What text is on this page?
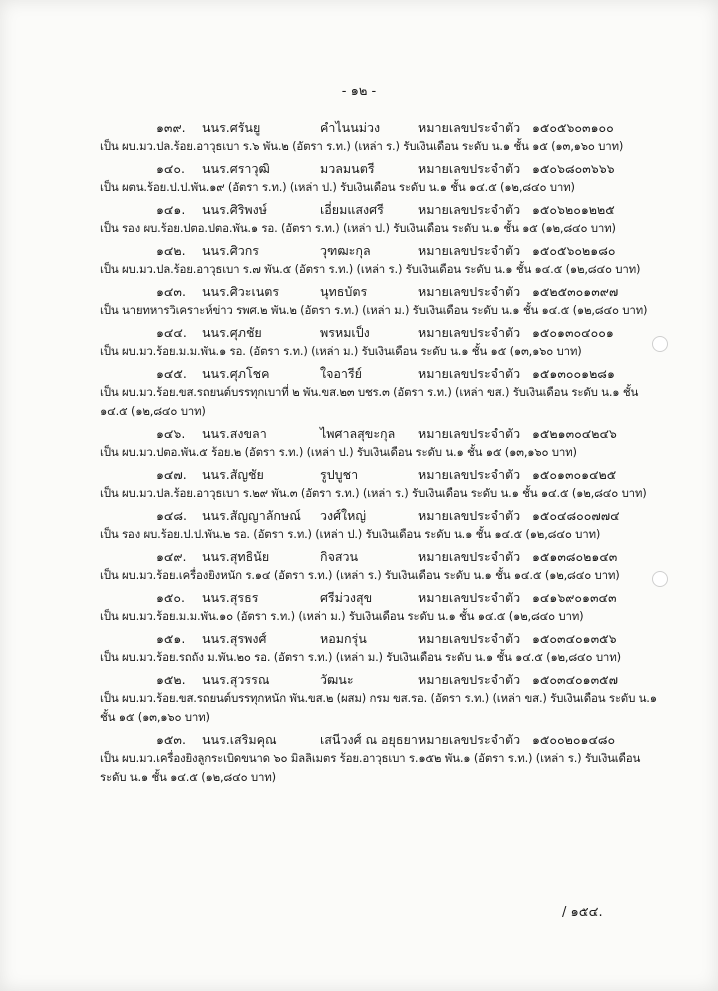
- ๑๒ -
๑๓๙. นนร.ศรันยู	คำไนนม่วง	หมายเลขประจำตัว ๑๕๐๕๖๐๓๑๐๐
เป็น ผบ.มว.ปล.ร้อย.อาวุธเบา ร.๖ พัน.๒ (อัตรา ร.ท.) (เหล่า ร.) รับเงินเดือน ระดับ น.๑ ชั้น ๑๕ (๑๓,๑๖๐ บาท)
๑๔๐. นนร.ศราวุฒิ	มวลมนตรี	หมายเลขประจำตัว ๑๕๐๖๘๐๓๖๖๖
เป็น ผตน.ร้อย.ป.ป.พัน.๑๙ (อัตรา ร.ท.) (เหล่า ป.) รับเงินเดือน ระดับ น.๑ ชั้น ๑๔.๕ (๑๒,๘๔๐ บาท)
๑๔๑. นนร.ศิริพงษ์	เอี่ยมแสงศรี	หมายเลขประจำตัว ๑๕๐๖๒๐๑๒๒๕
เป็น รอง ผบ.ร้อย.ปตอ.ปตอ.พัน.๑ รอ. (อัตรา ร.ท.) (เหล่า ป.) รับเงินเดือน ระดับ น.๑ ชั้น ๑๕ (๑๒,๘๔๐ บาท)
๑๔๒. นนร.ศิวกร	วุฑฒะกุล	หมายเลขประจำตัว ๑๕๐๕๖๐๒๑๘๐
เป็น ผบ.มว.ปล.ร้อย.อาวุธเบา ร.๗ พัน.๕ (อัตรา ร.ท.) (เหล่า ร.) รับเงินเดือน ระดับ น.๑ ชั้น ๑๔.๕ (๑๒,๘๔๐ บาท)
๑๔๓. นนร.ศิวะเนตร	นุทธบัตร	หมายเลขประจำตัว ๑๕๒๕๓๐๑๓๙๗
เป็น นายทหารวิเคราะห์ข่าว รพศ.๒ พัน.๒ (อัตรา ร.ท.) (เหล่า ม.) รับเงินเดือน ระดับ น.๑ ชั้น ๑๔.๕ (๑๒,๘๔๐ บาท)
๑๔๔. นนร.ศุภชัย	พรหมเป็ง	หมายเลขประจำตัว ๑๕๐๑๓๐๔๐๐๑
เป็น ผบ.มว.ร้อย.ม.ม.พัน.๑ รอ. (อัตรา ร.ท.) (เหล่า ม.) รับเงินเดือน ระดับ น.๑ ชั้น ๑๕ (๑๓,๑๖๐ บาท)
๑๔๕. นนร.ศุภโชค	ใจอารีย์	หมายเลขประจำตัว ๑๕๑๓๐๐๑๒๘๑
เป็น ผบ.มว.ร้อย.ขส.รถยนต์บรรทุกเบาที่ ๒ พัน.ขส.๒๓ บชร.๓ (อัตรา ร.ท.) (เหล่า ขส.) รับเงินเดือน ระดับ น.๑ ชั้น ๑๔.๕ (๑๒,๘๔๐ บาท)
๑๔๖. นนร.สงขลา	ไพศาลสุขะกุล หมายเลขประจำตัว ๑๕๒๑๓๐๔๒๔๖
เป็น ผบ.มว.ปตอ.พัน.๕ ร้อย.๒ (อัตรา ร.ท.) (เหล่า ป.) รับเงินเดือน ระดับ น.๑ ชั้น ๑๕ (๑๓,๑๖๐ บาท)
๑๔๗. นนร.สัญชัย	รูปบูชา	หมายเลขประจำตัว ๑๕๐๑๓๐๑๔๒๕
เป็น ผบ.มว.ปล.ร้อย.อาวุธเบา ร.๒๙ พัน.๓ (อัตรา ร.ท.) (เหล่า ร.) รับเงินเดือน ระดับ น.๑ ชั้น ๑๔.๕ (๑๒,๘๔๐ บาท)
๑๔๘. นนร.สัญญาลักษณ์ วงศ์ใหญ่	หมายเลขประจำตัว ๑๕๐๔๘๐๐๗๗๔
เป็น รอง ผบ.ร้อย.ป.ป.พัน.๒ รอ. (อัตรา ร.ท.) (เหล่า ป.) รับเงินเดือน ระดับ น.๑ ชั้น ๑๔.๕ (๑๒,๘๔๐ บาท)
๑๔๙. นนร.สุทธินัย	กิจสวน	หมายเลขประจำตัว ๑๕๑๓๘๐๒๑๔๓
เป็น ผบ.มว.ร้อย.เครื่องยิงหนัก ร.๑๔ (อัตรา ร.ท.) (เหล่า ร.) รับเงินเดือน ระดับ น.๑ ชั้น ๑๔.๕ (๑๒,๘๔๐ บาท)
๑๕๐. นนร.สุรธร	ศรีม่วงสุข	หมายเลขประจำตัว ๑๔๑๖๙๐๑๓๔๓
เป็น ผบ.มว.ร้อย.ม.ม.พัน.๑๐ (อัตรา ร.ท.) (เหล่า ม.) รับเงินเดือน ระดับ น.๑ ชั้น ๑๔.๕ (๑๒,๘๔๐ บาท)
๑๕๑. นนร.สุรพงศ์	หอมกรุ่น	หมายเลขประจำตัว ๑๕๐๓๔๐๑๓๕๖
เป็น ผบ.มว.ร้อย.รถถัง ม.พัน.๒๐ รอ. (อัตรา ร.ท.) (เหล่า ม.) รับเงินเดือน ระดับ น.๑ ชั้น ๑๔.๕ (๑๒,๘๔๐ บาท)
๑๕๒. นนร.สุวรรณ	วัฒนะ	หมายเลขประจำตัว ๑๕๐๓๔๐๑๓๕๗
เป็น ผบ.มว.ร้อย.ขส.รถยนต์บรรทุกหนัก พัน.ขส.๒ (ผสม) กรม ขส.รอ. (อัตรา ร.ท.) (เหล่า ขส.) รับเงินเดือน ระดับ น.๑ ชั้น ๑๕ (๑๓,๑๖๐ บาท)
๑๕๓. นนร.เสริมคุณ	เสนีวงศ์ ณ อยุธยา หมายเลขประจำตัว ๑๕๐๐๒๐๑๔๘๐
เป็น ผบ.มว.เครื่องยิงลูกระเบิดขนาด ๖๐ มิลลิเมตร ร้อย.อาวุธเบา ร.๑๕๒ พัน.๑ (อัตรา ร.ท.) (เหล่า ร.) รับเงินเดือน ระดับ น.๑ ชั้น ๑๔.๕ (๑๒,๘๔๐ บาท)
/ ๑๕๔.
